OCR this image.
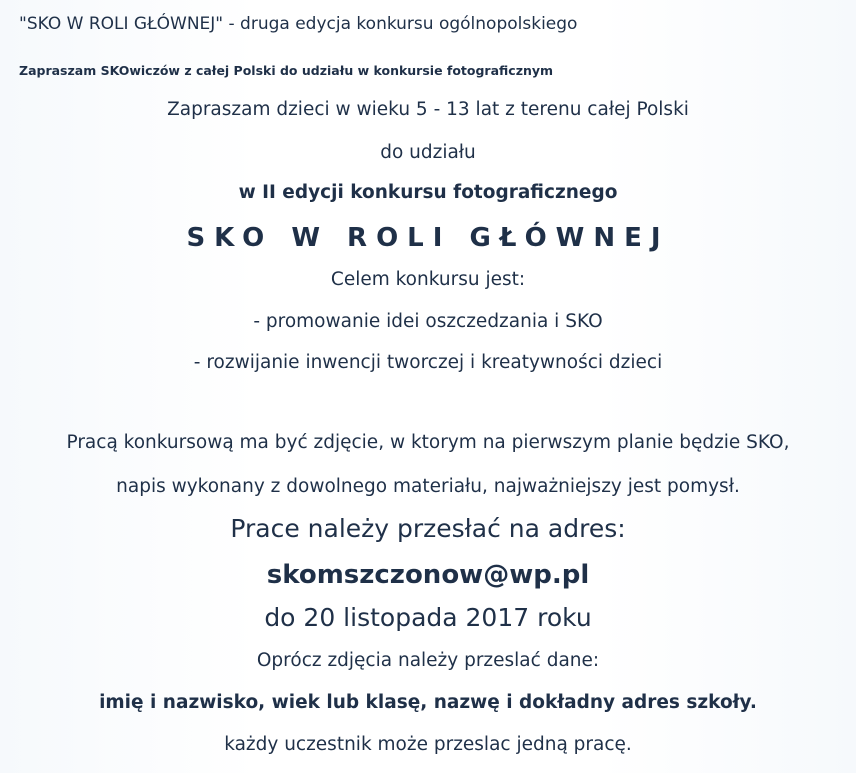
"SKO W ROLI GŁÓWNEJ" - druga edycja konkursu ogólnopolskiego
Zapraszam SKOwiczów z całej Polski do udziału w konkursie fotograficznym
Zapraszam dzieci w wieku 5 - 13 lat z terenu całej Polski
do udziału
w II edycji konkursu fotograficznego
SKO W ROLI GŁÓWNEJ
Celem konkursu jest:
- promowanie idei oszczedzania i SKO
- rozwijanie inwencji tworczej i kreatywności dzieci
Pracą konkursową ma być zdjęcie, w ktorym na pierwszym planie będzie SKO,
napis wykonany z dowolnego materiału, najważniejszy jest pomysł.
Prace należy przesłać na adres:
skomszczonow@wp.pl
do 20 listopada 2017 roku
Oprócz zdjęcia należy przeslać dane:
imię i nazwisko, wiek lub klasę, nazwę i dokładny adres szkoły.
każdy uczestnik może przeslac jedną pracę.
